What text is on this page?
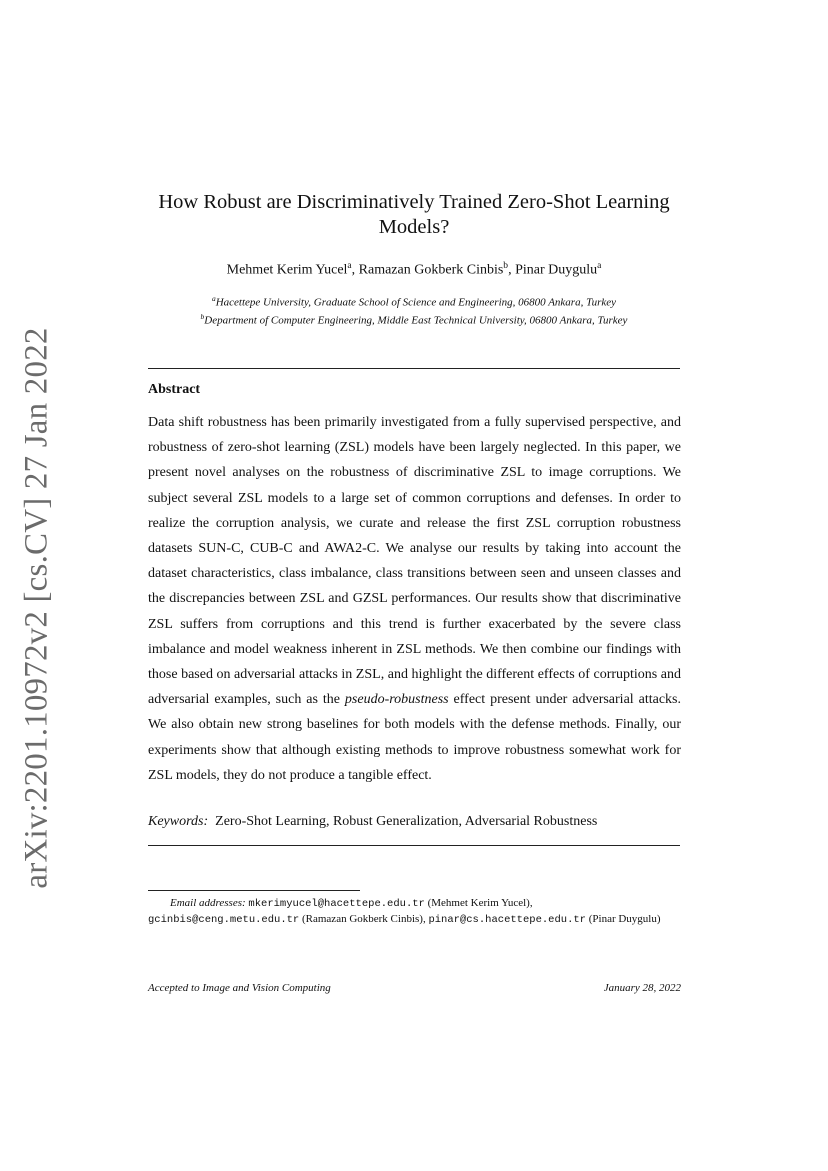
arXiv:2201.10972v2 [cs.CV] 27 Jan 2022
How Robust are Discriminatively Trained Zero-Shot Learning
Models?
Mehmet Kerim Yucel$^a$, Ramazan Gokberk Cinbis$^b$, Pinar Duygulu$^a$
$^a$Hacettepe University, Graduate School of Science and Engineering, 06800 Ankara, Turkey
$^b$Department of Computer Engineering, Middle East Technical University, 06800 Ankara, Turkey
Abstract
Data shift robustness has been primarily investigated from a fully supervised perspective, and robustness of zero-shot learning (ZSL) models have been largely neglected. In this paper, we present novel analyses on the robustness of discriminative ZSL to image corruptions. We subject several ZSL models to a large set of common corruptions and defenses. In order to realize the corruption analysis, we curate and release the first ZSL corruption robustness datasets SUN-C, CUB-C and AWA2-C. We analyse our results by taking into account the dataset characteristics, class imbalance, class transitions between seen and unseen classes and the discrepancies between ZSL and GZSL performances. Our results show that discriminative ZSL suffers from corruptions and this trend is further exacerbated by the severe class imbalance and model weakness inherent in ZSL methods. We then combine our findings with those based on adversarial attacks in ZSL, and highlight the different effects of corruptions and adversarial examples, such as the pseudo-robustness effect present under adversarial attacks. We also obtain new strong baselines for both models with the defense methods. Finally, our experiments show that although existing methods to improve robustness somewhat work for ZSL models, they do not produce a tangible effect.
Keywords: Zero-Shot Learning, Robust Generalization, Adversarial Robustness
Email addresses: mkerimyucel@hacettepe.edu.tr (Mehmet Kerim Yucel),
gcinbis@ceng.metu.edu.tr (Ramazan Gokberk Cinbis), pinar@cs.hacettepe.edu.tr (Pinar Duygulu)
Accepted to Image and Vision Computing	January 28, 2022
